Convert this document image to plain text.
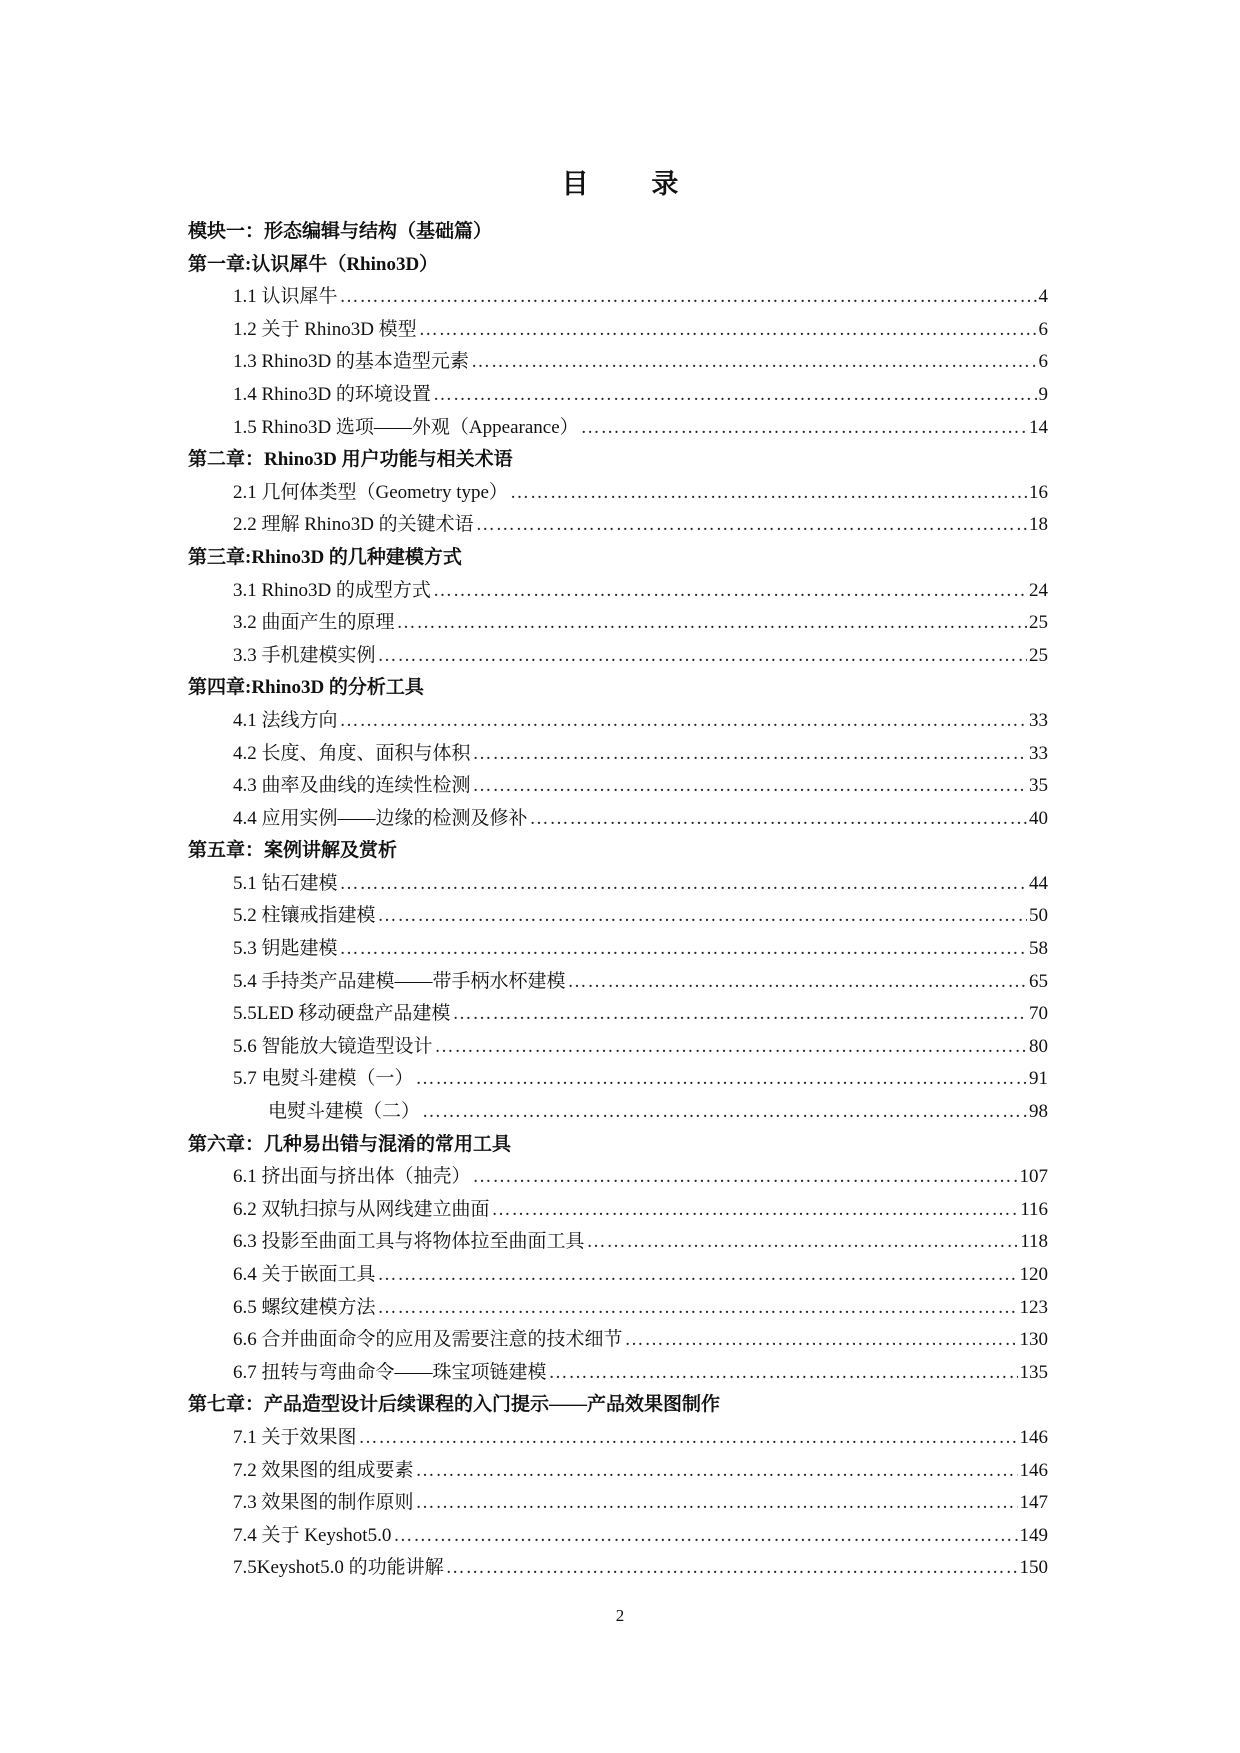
目 录
模块一：形态编辑与结构（基础篇）
第一章:认识犀牛（Rhino3D）
1.1 认识犀牛 …………………………………………………………………………………………………………………………………………………………………………	4
1.2 关于 Rhino3D 模型 …………………………………………………………………………………………………………………………………………………………………………	6
1.3 Rhino3D 的基本造型元素 …………………………………………………………………………………………………………………………………………………………………………	6
1.4 Rhino3D 的环境设置 …………………………………………………………………………………………………………………………………………………………………………	9
1.5 Rhino3D 选项——外观（Appearance） …………………………………………………………………………………………………………………………………………………………………………	14
第二章：Rhino3D 用户功能与相关术语
2.1 几何体类型（Geometry type） …………………………………………………………………………………………………………………………………………………………………………	16
2.2 理解 Rhino3D 的关键术语 …………………………………………………………………………………………………………………………………………………………………………	18
第三章:Rhino3D 的几种建模方式
3.1 Rhino3D 的成型方式 …………………………………………………………………………………………………………………………………………………………………………	24
3.2 曲面产生的原理 …………………………………………………………………………………………………………………………………………………………………………	25
3.3 手机建模实例 …………………………………………………………………………………………………………………………………………………………………………	25
第四章:Rhino3D 的分析工具
4.1 法线方向 …………………………………………………………………………………………………………………………………………………………………………	33
4.2 长度、角度、面积与体积 …………………………………………………………………………………………………………………………………………………………………………	33
4.3 曲率及曲线的连续性检测 …………………………………………………………………………………………………………………………………………………………………………	35
4.4 应用实例——边缘的检测及修补 …………………………………………………………………………………………………………………………………………………………………………	40
第五章：案例讲解及赏析
5.1 钻石建模 …………………………………………………………………………………………………………………………………………………………………………	44
5.2 柱镶戒指建模 …………………………………………………………………………………………………………………………………………………………………………	50
5.3 钥匙建模 …………………………………………………………………………………………………………………………………………………………………………	58
5.4 手持类产品建模——带手柄水杯建模 …………………………………………………………………………………………………………………………………………………………………………	65
5.5LED 移动硬盘产品建模 …………………………………………………………………………………………………………………………………………………………………………	70
5.6 智能放大镜造型设计 …………………………………………………………………………………………………………………………………………………………………………	80
5.7 电熨斗建模（一） …………………………………………………………………………………………………………………………………………………………………………	91
电熨斗建模（二） …………………………………………………………………………………………………………………………………………………………………………	98
第六章：几种易出错与混淆的常用工具
6.1 挤出面与挤出体（抽壳） …………………………………………………………………………………………………………………………………………………………………………	107
6.2 双轨扫掠与从网线建立曲面 …………………………………………………………………………………………………………………………………………………………………………	116
6.3 投影至曲面工具与将物体拉至曲面工具 …………………………………………………………………………………………………………………………………………………………………………	118
6.4 关于嵌面工具 …………………………………………………………………………………………………………………………………………………………………………	120
6.5 螺纹建模方法 …………………………………………………………………………………………………………………………………………………………………………	123
6.6 合并曲面命令的应用及需要注意的技术细节 …………………………………………………………………………………………………………………………………………………………………………	130
6.7 扭转与弯曲命令——珠宝项链建模 …………………………………………………………………………………………………………………………………………………………………………	135
第七章：产品造型设计后续课程的入门提示——产品效果图制作
7.1 关于效果图 …………………………………………………………………………………………………………………………………………………………………………	146
7.2 效果图的组成要素 …………………………………………………………………………………………………………………………………………………………………………	146
7.3 效果图的制作原则 …………………………………………………………………………………………………………………………………………………………………………	147
7.4 关于 Keyshot5.0 …………………………………………………………………………………………………………………………………………………………………………	149
7.5Keyshot5.0 的功能讲解 …………………………………………………………………………………………………………………………………………………………………………	150
2
